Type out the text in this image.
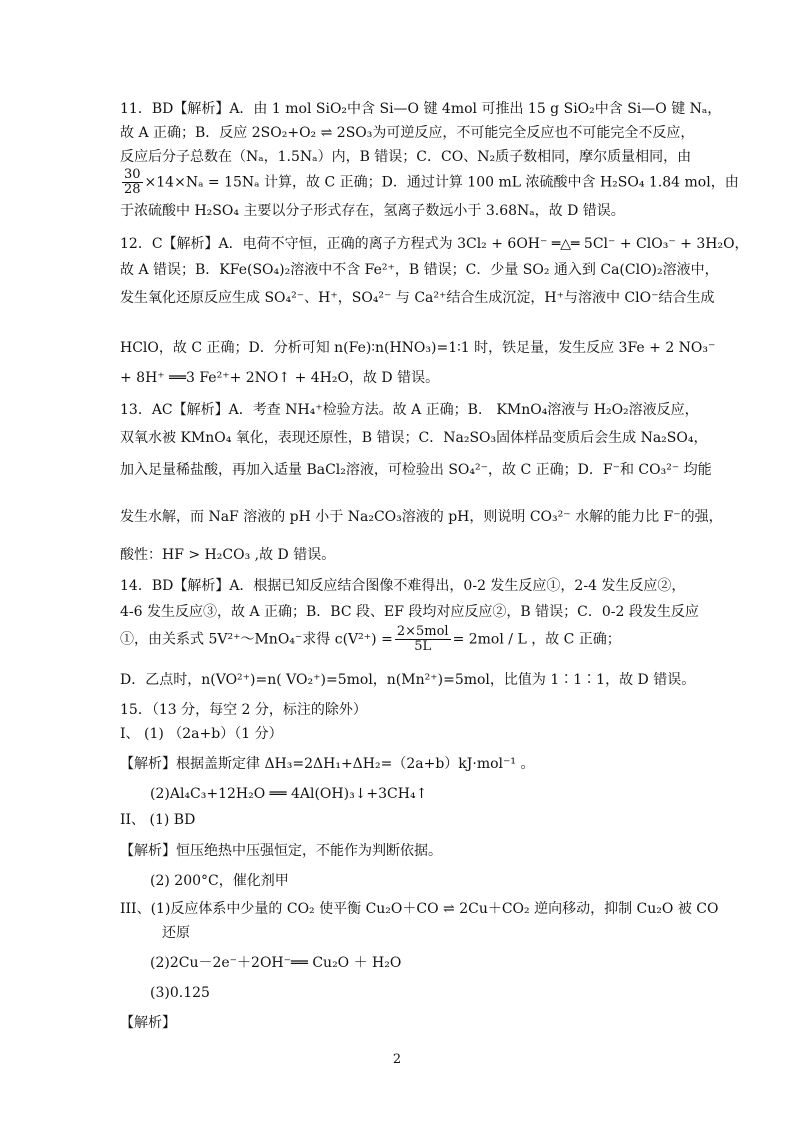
11．BD【解析】A．由 1 mol SiO₂中含 Si—O 键 4mol 可推出 15 g SiO₂中含 Si—O 键 Nₐ，
故 A 正确；B．反应 2SO₂+O₂ ⇌ 2SO₃为可逆反应，不可能完全反应也不可能完全不反应，
反应后分子总数在（Nₐ，1.5Nₐ）内，B 错误；C．CO、N₂质子数相同，摩尔质量相同，由
$\frac{30}{28} \times 14\times N_a = 15N_a$ 计算，故 C 正确；D．通过计算 100 mL 浓硫酸中含 H₂SO₄ 1.84 mol，由
于浓硫酸中 H₂SO₄ 主要以分子形式存在，氢离子数远小于 3.68Nₐ，故 D 错误。
12．C【解析】A．电荷不守恒，正确的离子方程式为 3Cl₂ + 6OH⁻ ═△═ 5Cl⁻ + ClO₃⁻ + 3H₂O，
故 A 错误；B．KFe(SO₄)₂溶液中不含 Fe²⁺，B 错误；C．少量 SO₂ 通入到 Ca(ClO)₂溶液中，
发生氧化还原反应生成 SO₄²⁻、H⁺，SO₄²⁻ 与 Ca²⁺结合生成沉淀，H⁺与溶液中 ClO⁻结合生成
HClO，故 C 正确；D．分析可知 n(Fe)∶n(HNO₃)=1∶1 时，铁足量，发生反应 3Fe + 2 NO₃⁻
+ 8H⁺ ══3 Fe²⁺+ 2NO↑ + 4H₂O，故 D 错误。
13．AC【解析】A．考查 NH₄⁺检验方法。故 A 正确；B． KMnO₄溶液与 H₂O₂溶液反应，
双氧水被 KMnO₄ 氧化，表现还原性，B 错误；C．Na₂SO₃固体样品变质后会生成 Na₂SO₄，
加入足量稀盐酸，再加入适量 BaCl₂溶液，可检验出 SO₄²⁻，故 C 正确；D．F⁻和 CO₃²⁻ 均能
发生水解，而 NaF 溶液的 pH 小于 Na₂CO₃溶液的 pH，则说明 CO₃²⁻ 水解的能力比 F⁻的强，
酸性：HF > H₂CO₃ ,故 D 错误。
14．BD【解析】A．根据已知反应结合图像不难得出，0-2 发生反应①，2-4 发生反应②，
4-6 发生反应③，故 A 正确；B．BC 段、EF 段均对应反应②，B 错误；C．0-2 段发生反应
①，由关系式 5V²⁺～MnO₄⁻求得 $c(V^{2+}) = \frac{\text{2×5mol}}{5L} = 2mol / L$ ，故 C 正确；
D．乙点时，n(VO²⁺)=n( VO₂⁺)=5mol，n(Mn²⁺)=5mol，比值为 1∶1∶1，故 D 错误。
15．（13 分，每空 2 分，标注的除外）
I、 (1) （2a+b）（1 分）
【解析】根据盖斯定律 ΔH₃=2ΔH₁+ΔH₂=（2a+b）kJ·mol⁻¹ 。
(2)Al₄C₃+12H₂O ══ 4Al(OH)₃↓+3CH₄↑
II、 (1) BD
【解析】恒压绝热中压强恒定，不能作为判断依据。
(2) 200°C，催化剂甲
III、(1)反应体系中少量的 CO₂ 使平衡 Cu₂O＋CO ⇌ 2Cu＋CO₂ 逆向移动，抑制 Cu₂O 被 CO
还原
(2)2Cu－2e⁻＋2OH⁻══ Cu₂O ＋ H₂O
(3)0.125
【解析】
2
